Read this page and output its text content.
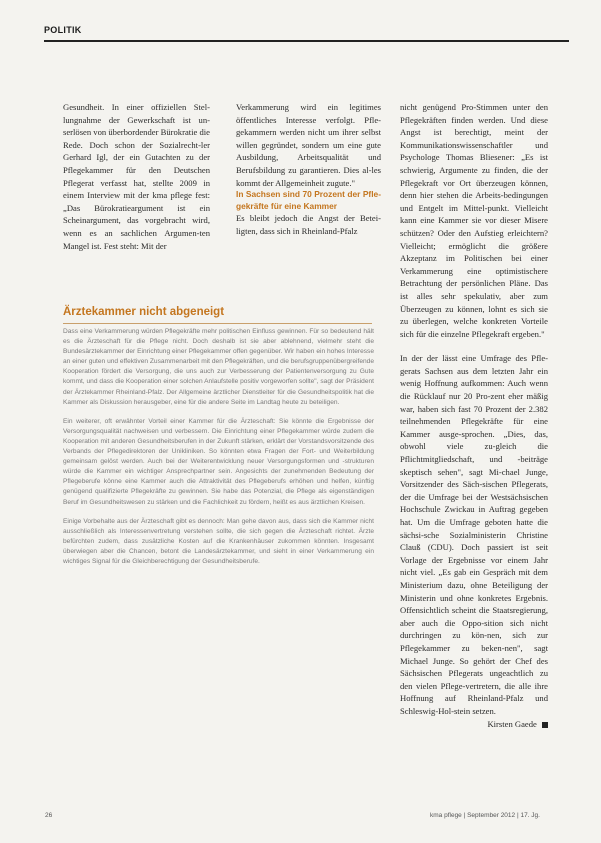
POLITIK

Gesundheit. In einer offiziellen Stel-lungnahme der Gewerkschaft ist un-serlösen von überbordender Bürokratie die Rede. Doch schon der Sozialrecht-ler Gerhard Igl, der ein Gutachten zu der Pflegekammer für den Deutschen Pflegerat verfasst hat, stellte 2009 in einem Interview mit der kma pflege fest: „Das Bürokratieargument ist ein Scheinargument, das vorgebracht wird, wenn es an sachlichen Argumen-ten Mangel ist. Fest steht: Mit der

Verkammerung wird ein legitimes öffentliches Interesse verfolgt. Pfle-gekammern werden nicht um ihrer selbst willen gegründet, sondern um eine gute Ausbildung, Arbeitsqualität und Berufsbildung zu garantieren. Dies al-les kommt der Allgemeinheit zugute."

In Sachsen sind 70 Prozent der Pfle-gekräfte für eine Kammer

Es bleibt jedoch die Angst der Betei-ligten, dass sich in Rheinland-Pfalz

nicht genügend Pro-Stimmen unter den Pflegekräften finden werden. Und diese Angst ist berechtigt, meint der Kommunikationswissenschaftler und Psychologe Thomas Bliesener: „Es ist schwierig, Argumente zu finden, die der Pflegekraft vor Ort überzeugen können, denn hier stehen die Arbeits-bedingungen und Entgelt im Mittel-punkt. Vielleicht kann eine Kammer sie vor dieser Misere schützen? Oder den Aufstieg erleichtern? Vielleicht; ermöglicht die größere Akzeptanz im Politischen bei einer Verkammerung eine optimistischere Betrachtung der persönlichen Pläne. Das ist alles sehr spekulativ, aber zum Überzeugen zu können, lohnt es sich sie zu überlegen, welche konkreten Vorteile sich für die einzelne Pflegekraft ergeben."

In der der lässt eine Umfrage des Pfle-gerats Sachsen aus dem letzten Jahr ein wenig Hoffnung aufkommen: Auch wenn die Rücklauf nur 20 Pro-zent eher mäßig war, haben sich fast 70 Prozent der 2.382 teilnehmenden Pflegekräfte für eine Kammer ausge-sprochen. „Dies, das, obwohl viele zu-gleich die Pflichtmitgliedschaft, und -beiträge skeptisch sehen", sagt Mi-chael Junge, Vorsitzender des Säch-sischen Pflegerats, der die Umfrage bei der Westsächsischen Hochschule Zwickau in Auftrag gegeben hat. Um die Umfrage geboten hatte die sächsi-sche Sozialministerin Christine Clauß (CDU). Doch passiert ist seit Vorlage der Ergebnisse vor einem Jahr nicht viel. „Es gab ein Gespräch mit dem Ministerium dazu, ohne Beteiligung der Ministerin und ohne konkretes Ergebnis. Offensichtlich scheint die Staatsregierung, aber auch die Oppo-sition sich nicht durchringen zu kön-nen, sich zur Pflegekammer zu beken-nen", sagt Michael Junge. So gehört der Chef des Sächsischen Pflegerats ungeachtlich zu den vielen Pflege-vertretern, die alle ihre Hoffnung auf Rheinland-Pfalz und Schleswig-Hol-stein setzen.

Kirsten Gaede

Ärztekammer nicht abgeneigt

Dass eine Verkammerung würden Pflegekräfte mehr politischen Einfluss gewinnen. Für so bedeutend hält es die Ärzteschaft für die Pflege nicht. Doch deshalb ist sie aber ablehnend, vielmehr steht die Bundesärztekammer der Einrichtung einer Pflegekammer offen gegenüber. Wir haben ein hohes Interesse an einer guten und effektiven Zusammenarbeit mit den Pflegekräften, und die berufsgruppenübergreifende Kooperation fördert die Versorgung, die uns auch zur Verbesserung der Patientenversorgung zu Gute kommt, und dass die Kooperation einer solchen Anlaufstelle positiv vorgeworfen sollte", sagt der Präsident der Ärztekammer Rheinland-Pfalz. Der Allgemeine ärztlicher Dienstleiter für die Gesundheitspolitik hat die Kammer als Diskussion herausgeber, eine für die andere Seite im Landtag heute zu beteiligen.

Ein weiterer, oft erwähnter Vorteil einer Kammer für die Ärzteschaft: Sie könnte die Ergebnisse der Versorgungsqualität nachweisen und verbessern. Die Einrichtung einer Pflegekammer würde zudem die Kooperation mit anderen Gesundheitsberufen in der Zukunft stärken, erklärt der Vorstandsvorsitzende des Verbands der Pflegedirektoren der Unikliniken. So könnten etwa Fragen der Fort- und Weiterbildung gemeinsam gelöst werden. Auch bei der Weiterentwicklung neuer Versorgungsformen und -strukturen würde die Kammer ein wichtiger Ansprechpartner sein. Angesichts der zunehmenden Bedeutung der Pflegeberufe könne eine Kammer auch die Attraktivität des Pflegeberufs erhöhen und helfen, künftig genügend qualifizierte Pflegekräfte zu gewinnen. Sie habe das Potenzial, die Pflege als eigenständigen Beruf im Gesundheitswesen zu stärken und die Fachlichkeit zu fördern, heißt es aus ärztlichen Kreisen.

Einige Vorbehalte aus der Ärzteschaft gibt es dennoch: Man gehe davon aus, dass sich die Kammer nicht ausschließlich als Interessenvertretung verstehen sollte, die sich gegen die Ärzteschaft richtet. Ärzte befürchten zudem, dass zusätzliche Kosten auf die Krankenhäuser zukommen könnten. Insgesamt überwiegen aber die Chancen, betont die Landesärztekammer, und sieht in einer Verkammerung ein wichtiges Signal für die Gleichberechtigung der Gesundheitsberufe.

26	kma pflege | September 2012 | 17. Jg.
